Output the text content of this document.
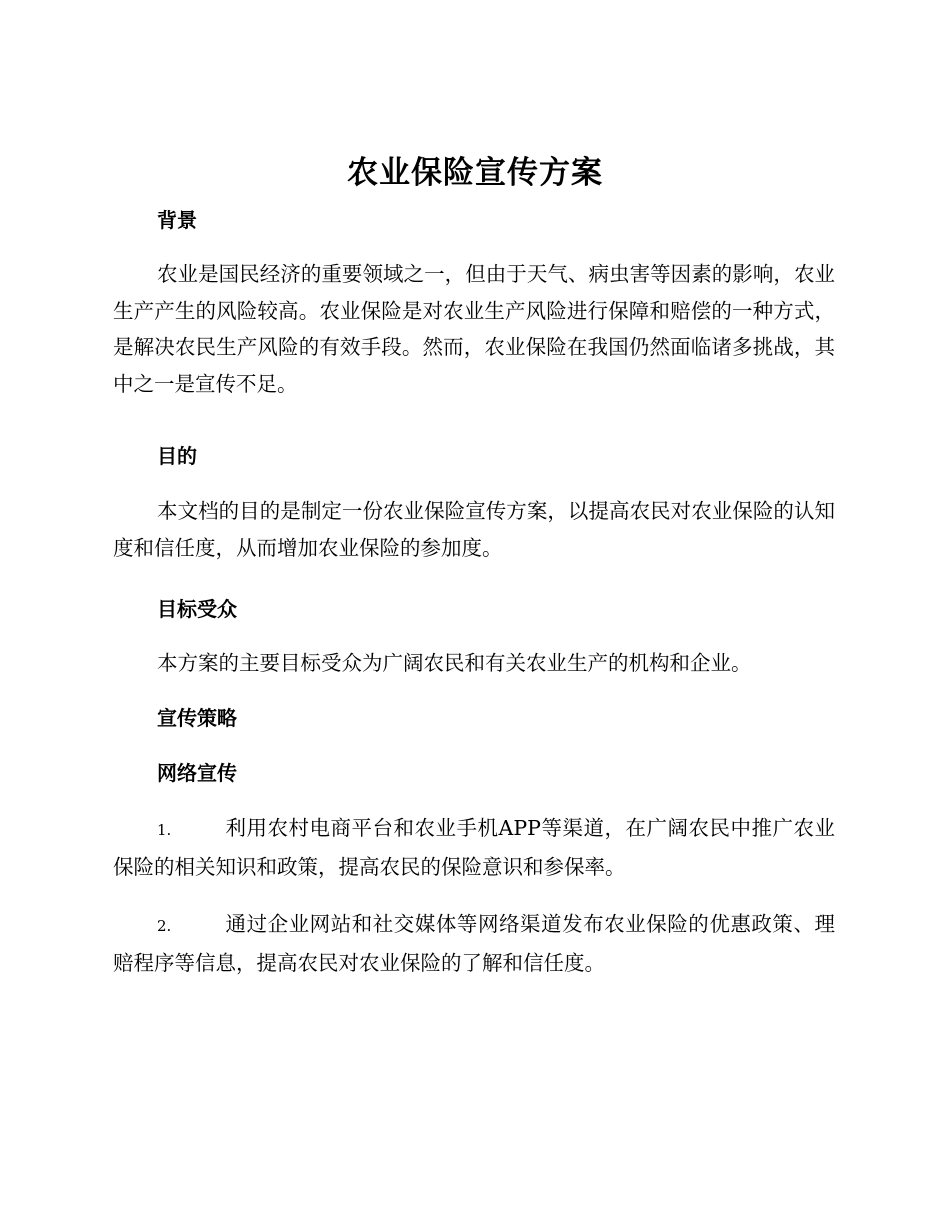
农业保险宣传方案
背景

农业是国民经济的重要领域之一，但由于天气、病虫害等因素的影响，农业生产产生的风险较高。农业保险是对农业生产风险进行保障和赔偿的一种方式，是解决农民生产风险的有效手段。然而，农业保险在我国仍然面临诸多挑战，其中之一是宣传不足。

目的

本文档的目的是制定一份农业保险宣传方案，以提高农民对农业保险的认知度和信任度，从而增加农业保险的参加度。

目标受众

本方案的主要目标受众为广阔农民和有关农业生产的机构和企业。

宣传策略
网络宣传

1.	利用农村电商平台和农业手机APP等渠道，在广阔农民中推广农业保险的相关知识和政策，提高农民的保险意识和参保率。

2.	通过企业网站和社交媒体等网络渠道发布农业保险的优惠政策、理赔程序等信息，提高农民对农业保险的了解和信任度。
